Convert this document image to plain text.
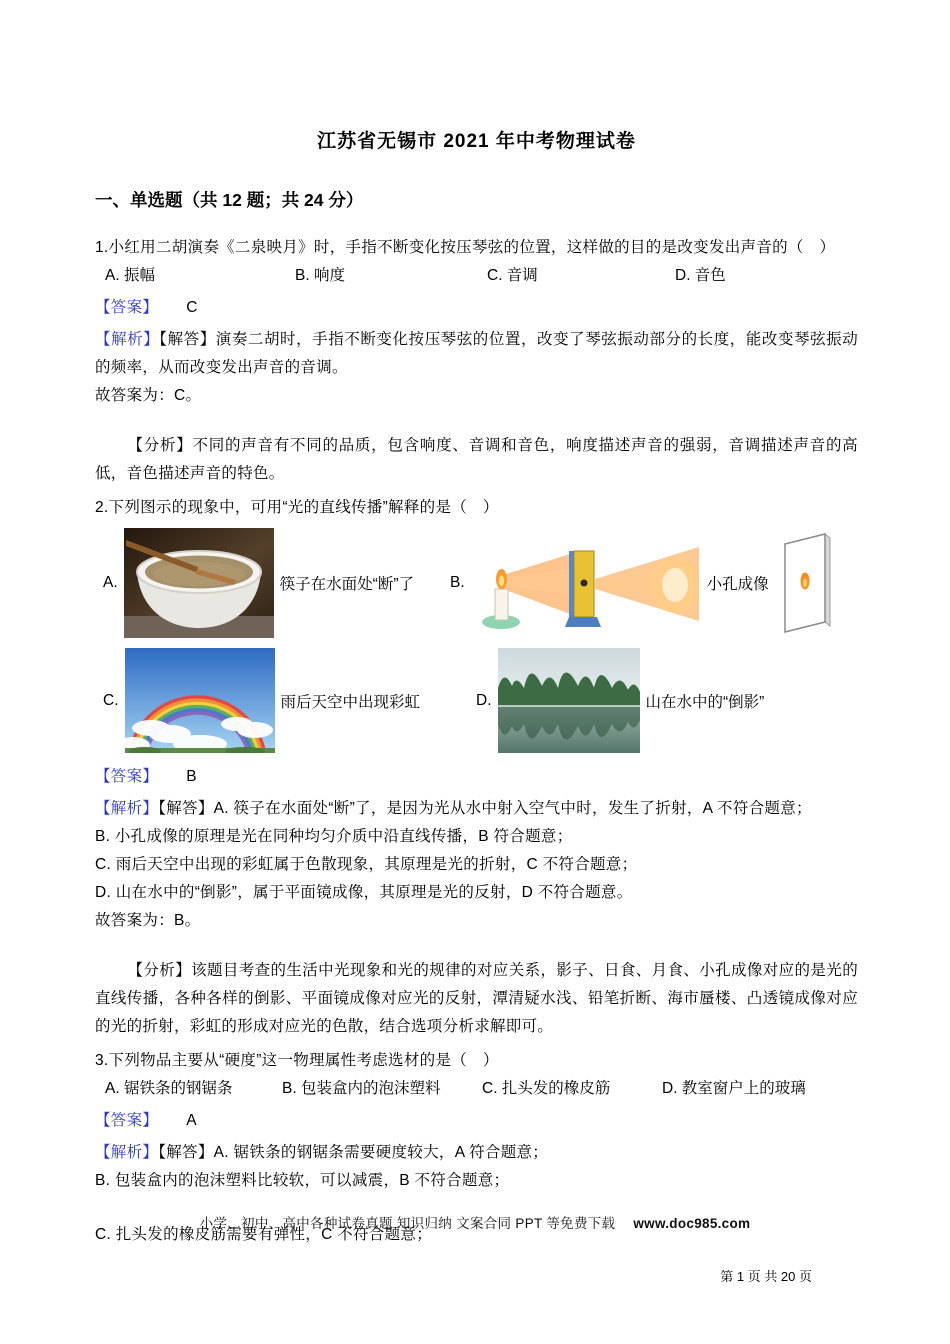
江苏省无锡市 2021 年中考物理试卷
一、单选题（共 12 题；共 24 分）

1.小红用二胡演奏《二泉映月》时，手指不断变化按压琴弦的位置，这样做的目的是改变发出声音的（　）

A. 振幅	B. 响度	C. 音调	D. 音色

【答案】 C

【解析】【解答】演奏二胡时，手指不断变化按压琴弦的位置，改变了琴弦振动部分的长度，能改变琴弦振动的频率，从而改变发出声音的音调。

故答案为：C。

【分析】不同的声音有不同的品质，包含响度、音调和音色，响度描述声音的强弱，音调描述声音的高低，音色描述声音的特色。

2.下列图示的现象中，可用“光的直线传播”解释的是（　）

A.	筷子在水面处“断”了 B.	小孔成像
C.	雨后天空中出现彩虹	D.	山在水中的“倒影”

【答案】 B

【解析】【解答】A. 筷子在水面处“断”了，是因为光从水中射入空气中时，发生了折射，A 不符合题意；

B. 小孔成像的原理是光在同种均匀介质中沿直线传播，B 符合题意；

C. 雨后天空中出现的彩虹属于色散现象，其原理是光的折射，C 不符合题意；

D. 山在水中的“倒影”，属于平面镜成像，其原理是光的反射，D 不符合题意。

故答案为：B。

【分析】该题目考查的生活中光现象和光的规律的对应关系，影子、日食、月食、小孔成像对应的是光的直线传播，各种各样的倒影、平面镜成像对应光的反射，潭清疑水浅、铅笔折断、海市蜃楼、凸透镜成像对应的光的折射，彩虹的形成对应光的色散，结合选项分析求解即可。

3.下列物品主要从“硬度”这一物理属性考虑选材的是（　）

A. 锯铁条的钢锯条	B. 包装盒内的泡沫塑料	C. 扎头发的橡皮筋	D. 教室窗户上的玻璃

【答案】 A

【解析】【解答】A. 锯铁条的钢锯条需要硬度较大，A 符合题意；

B. 包装盒内的泡沫塑料比较软，可以减震，B 不符合题意；

C. 扎头发的橡皮筋需要有弹性，C 不符合题意；

小学、初中、高中各种试卷真题 知识归纳 文案合同 PPT 等免费下载 www.doc985.com
第 1 页 共 20 页
